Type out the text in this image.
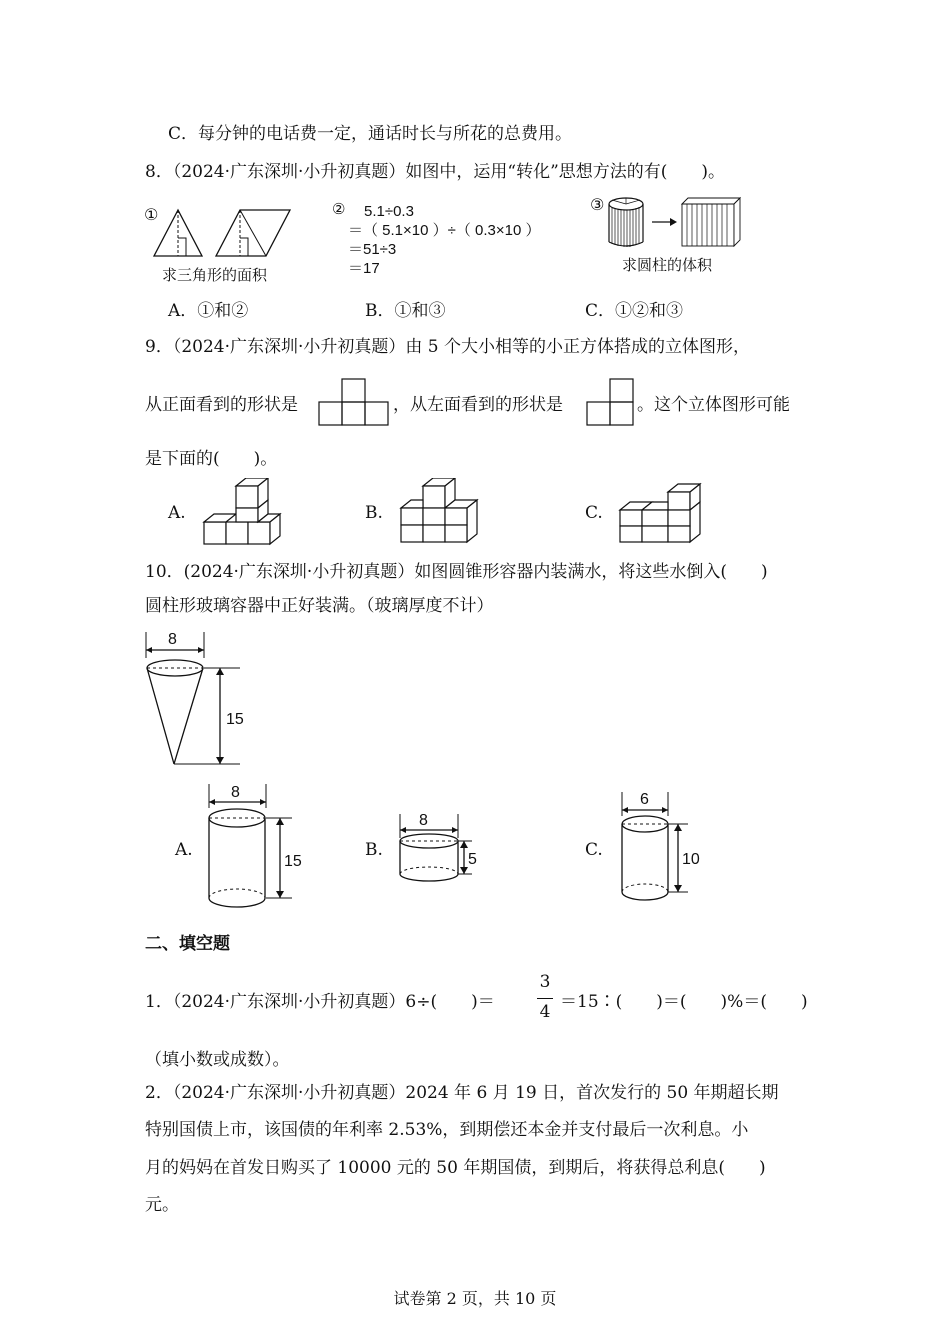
C．每分钟的电话费一定，通话时长与所花的总费用。
8．（2024·广东深圳·小升初真题）如图中，运用“转化”思想方法的有(　　)。
①
求三角形的面积
② 5.1÷0.3
＝（ 5.1×10 ）÷（ 0.3×10 ）
＝51÷3
＝17
③
求圆柱的体积
A．①和②	B．①和③	C．①②和③
9．（2024·广东深圳·小升初真题）由 5 个大小相等的小正方体搭成的立体图形，
从正面看到的形状是	，从左面看到的形状是	。这个立体图形可能
是下面的(　　)。
A.	B.	C.
10．(2024·广东深圳·小升初真题）如图圆锥形容器内装满水，将这些水倒入(　　)
圆柱形玻璃容器中正好装满。（玻璃厚度不计）
8
15
A.
8
15
B.
8
5	C.
6
10
二、填空题
1．（2024·广东深圳·小升初真题）6÷(　　)＝
3
4 ＝15∶(　　)＝(　　)%＝(　　)
（填小数或成数）。
2．（2024·广东深圳·小升初真题）2024 年 6 月 19 日，首次发行的 50 年期超长期
特别国债上市，该国债的年利率 2.53%，到期偿还本金并支付最后一次利息。小
月的妈妈在首发日购买了 10000 元的 50 年期国债，到期后，将获得总利息(　　)
元。
试卷第 2 页，共 10 页
